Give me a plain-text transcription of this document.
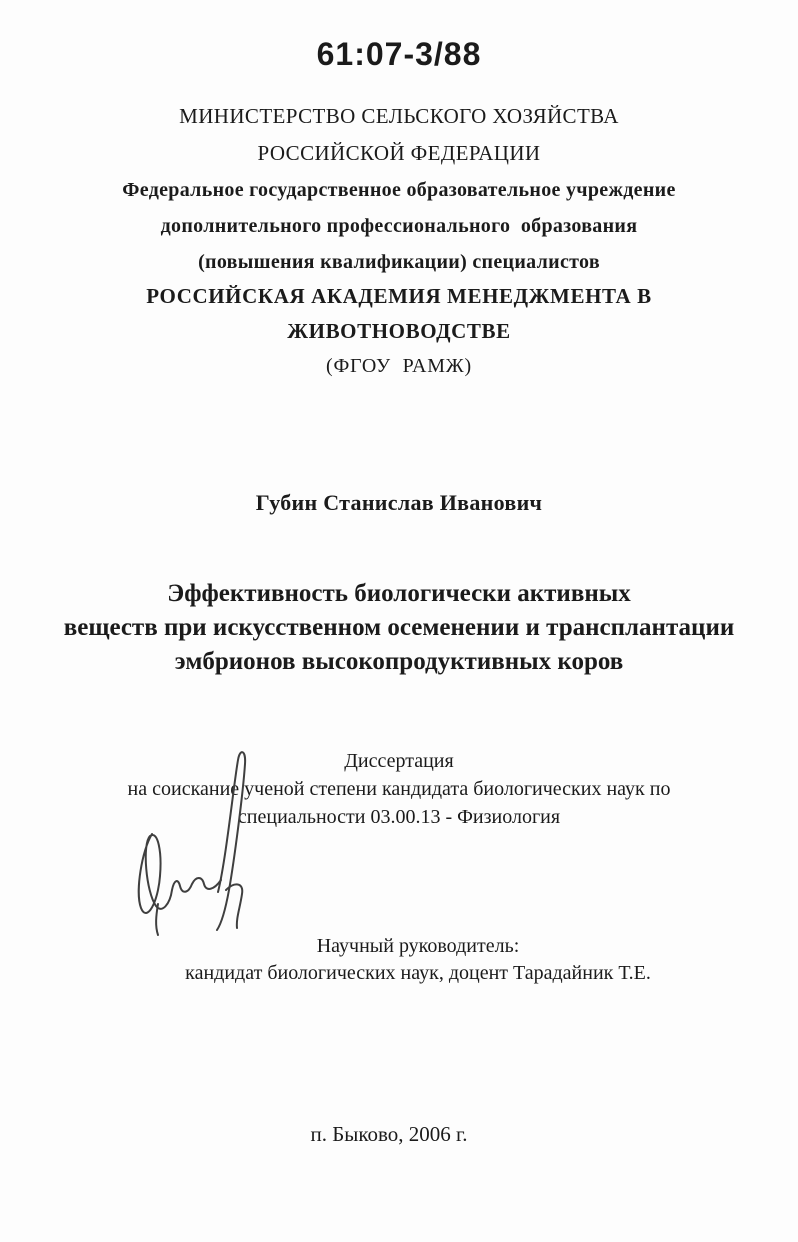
61:07-3/88
МИНИСТЕРСТВО СЕЛЬСКОГО ХОЗЯЙСТВА
РОССИЙСКОЙ ФЕДЕРАЦИИ
Федеральное государственное образовательное учреждение
дополнительного профессионального  образования
(повышения квалификации) специалистов
РОССИЙСКАЯ АКАДЕМИЯ МЕНЕДЖМЕНТА В
ЖИВОТНОВОДСТВЕ
(ФГОУ  РАМЖ)
Губин Станислав Иванович
Эффективность биологически активных
веществ при искусственном осеменении и трансплантации
эмбрионов высокопродуктивных коров
Диссертация
на соискание ученой степени кандидата биологических наук по
специальности 03.00.13 - Физиология
Научный руководитель:
кандидат биологических наук, доцент Тарадайник Т.Е.
п. Быково, 2006 г.
